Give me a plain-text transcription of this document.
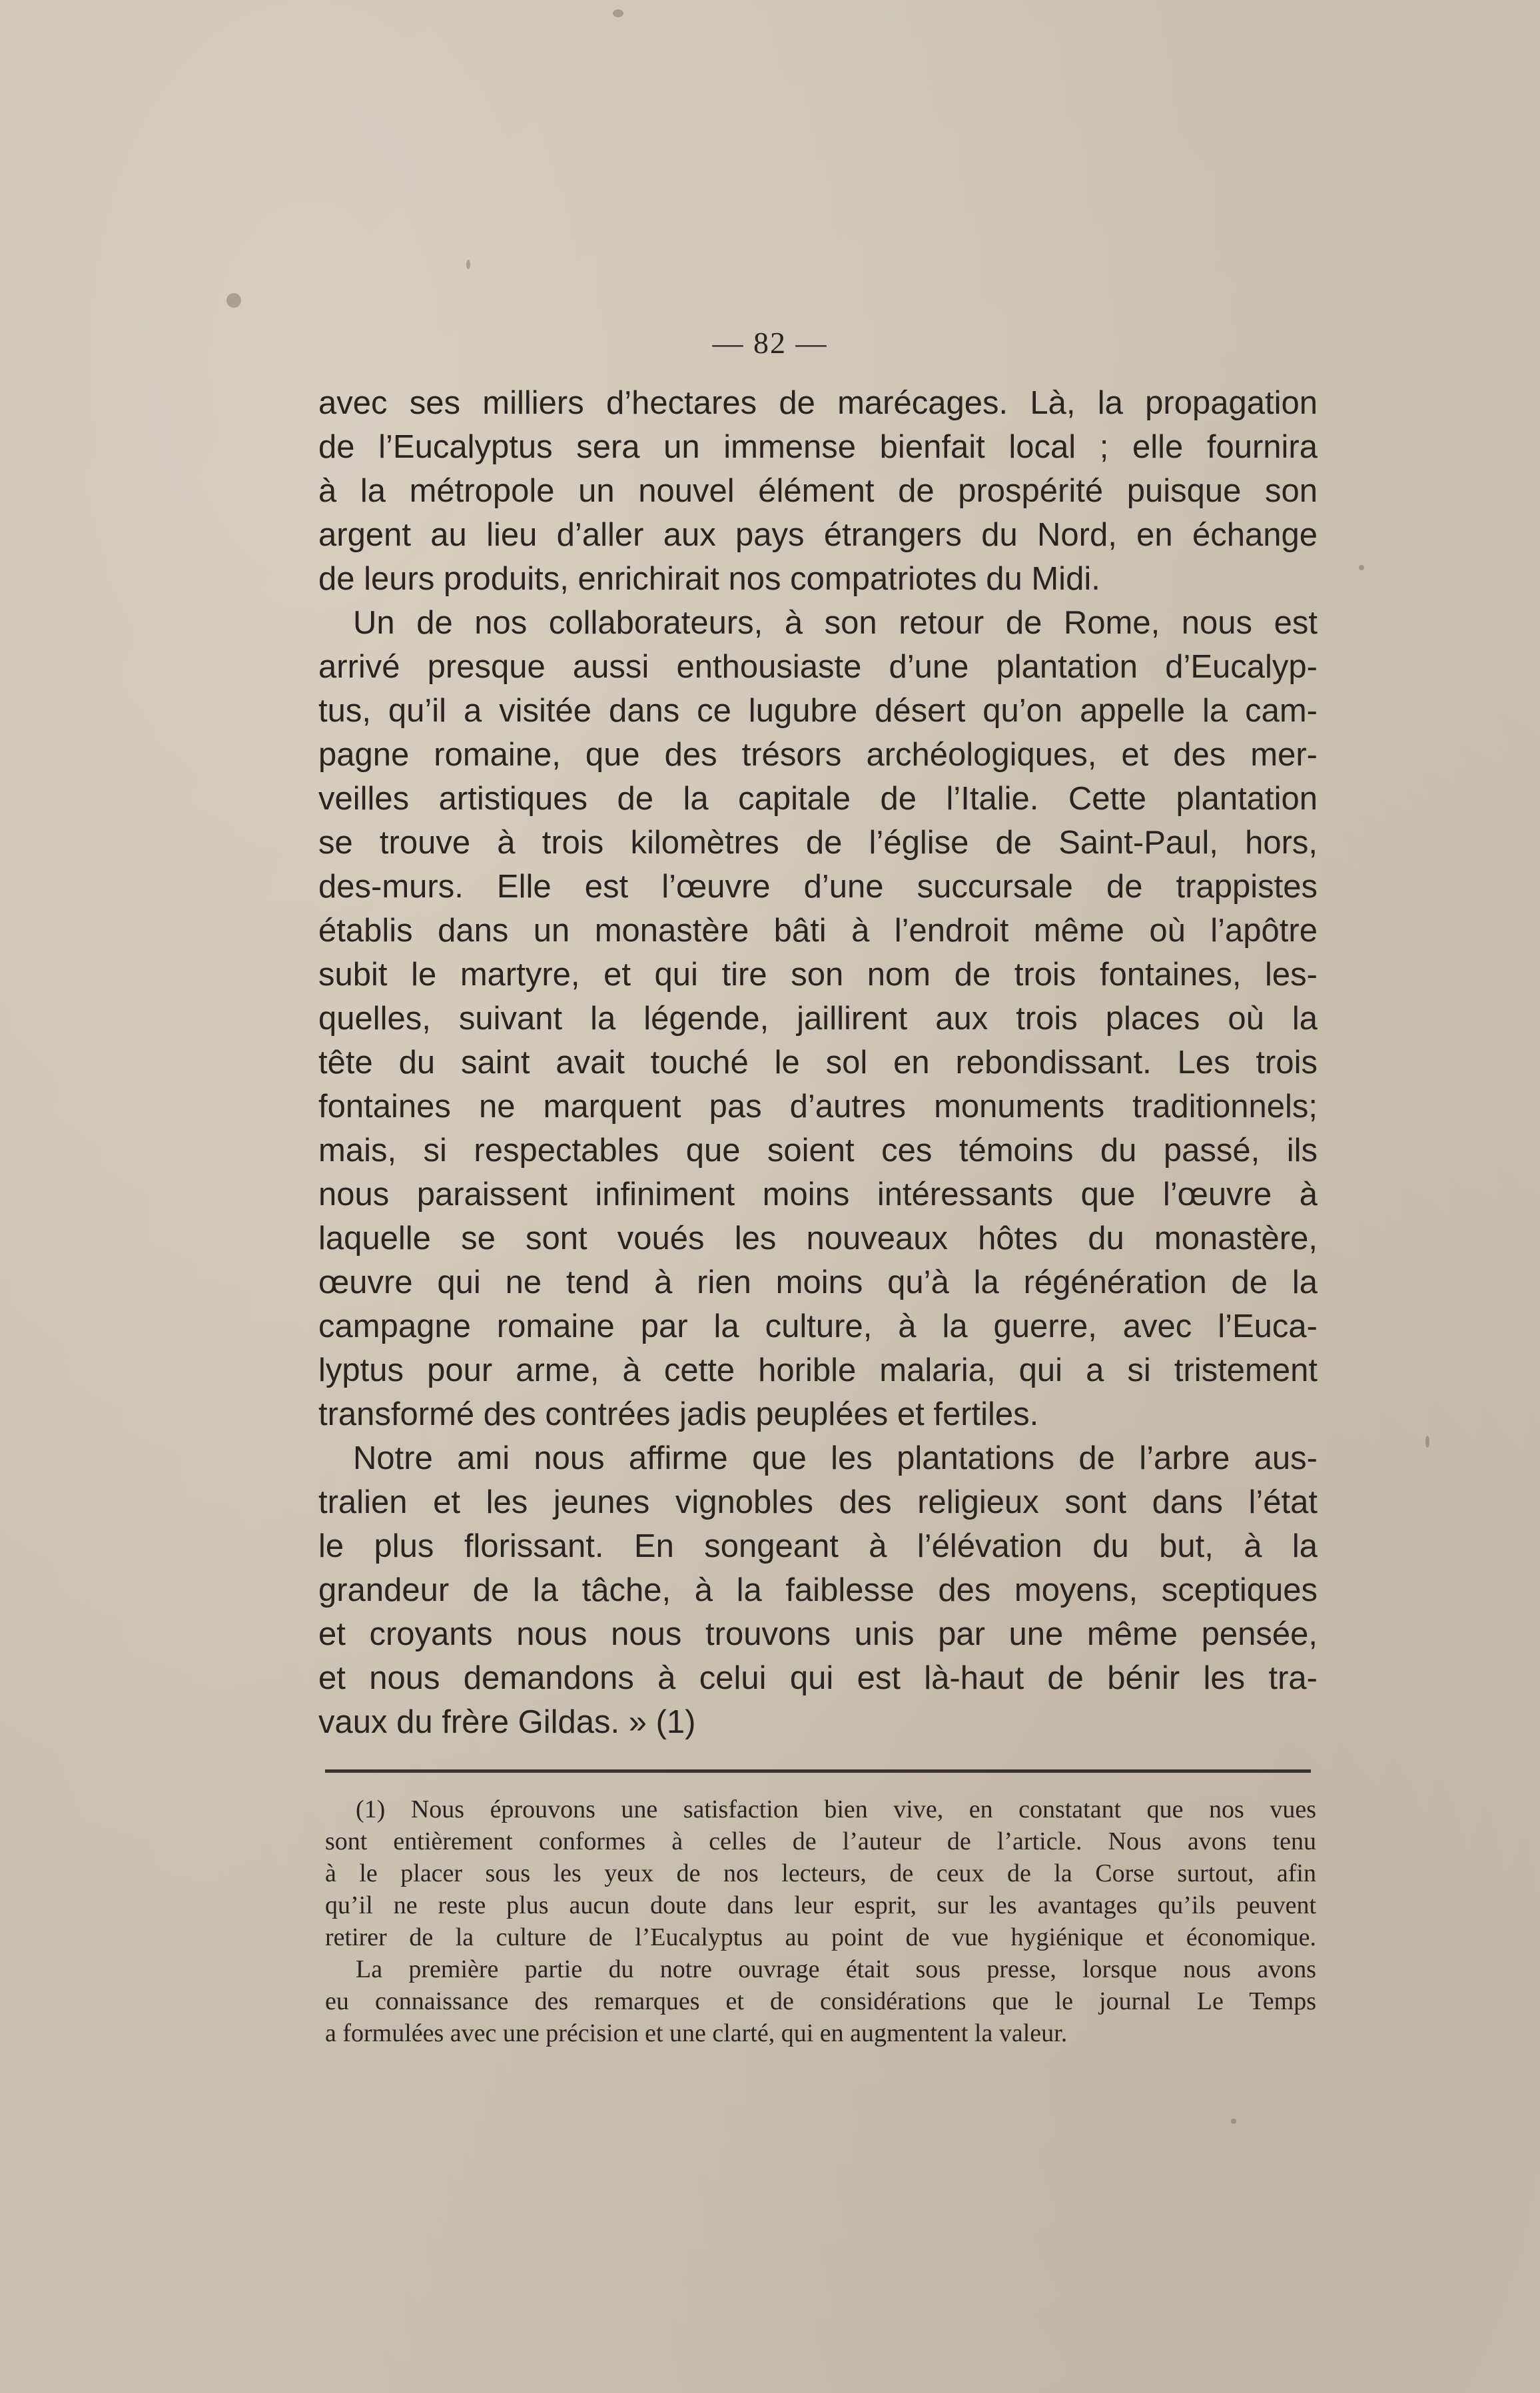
— 82 —
avec ses milliers d’hectares de marécages. Là, la propagation
de l’Eucalyptus sera un immense bienfait local ; elle fournira
à la métropole un nouvel élément de prospérité puisque son
argent au lieu d’aller aux pays étrangers du Nord, en échange
de leurs produits, enrichirait nos compatriotes du Midi.
Un de nos collaborateurs, à son retour de Rome, nous est
arrivé presque aussi enthousiaste d’une plantation d’Eucalyp-
tus, qu’il a visitée dans ce lugubre désert qu’on appelle la cam-
pagne romaine, que des trésors archéologiques, et des mer-
veilles artistiques de la capitale de l’Italie. Cette plantation
se trouve à trois kilomètres de l’église de Saint-Paul, hors,
des-murs. Elle est l’œuvre d’une succursale de trappistes
établis dans un monastère bâti à l’endroit même où l’apôtre
subit le martyre, et qui tire son nom de trois fontaines, les-
quelles, suivant la légende, jaillirent aux trois places où la
tête du saint avait touché le sol en rebondissant. Les trois
fontaines ne marquent pas d’autres monuments traditionnels;
mais, si respectables que soient ces témoins du passé, ils
nous paraissent infiniment moins intéressants que l’œuvre à
laquelle se sont voués les nouveaux hôtes du monastère,
œuvre qui ne tend à rien moins qu’à la régénération de la
campagne romaine par la culture, à la guerre, avec l’Euca-
lyptus pour arme, à cette horible malaria, qui a si tristement
transformé des contrées jadis peuplées et fertiles.
Notre ami nous affirme que les plantations de l’arbre aus-
tralien et les jeunes vignobles des religieux sont dans l’état
le plus florissant. En songeant à l’élévation du but, à la
grandeur de la tâche, à la faiblesse des moyens, sceptiques
et croyants nous nous trouvons unis par une même pensée,
et nous demandons à celui qui est là-haut de bénir les tra-
vaux du frère Gildas. » (1)
(1) Nous éprouvons une satisfaction bien vive, en constatant que nos vues
sont entièrement conformes à celles de l’auteur de l’article. Nous avons tenu
à le placer sous les yeux de nos lecteurs, de ceux de la Corse surtout, afin
qu’il ne reste plus aucun doute dans leur esprit, sur les avantages qu’ils peuvent
retirer de la culture de l’Eucalyptus au point de vue hygiénique et économique.
La première partie du notre ouvrage était sous presse, lorsque nous avons
eu connaissance des remarques et de considérations que le journal Le Temps
a formulées avec une précision et une clarté, qui en augmentent la valeur.
